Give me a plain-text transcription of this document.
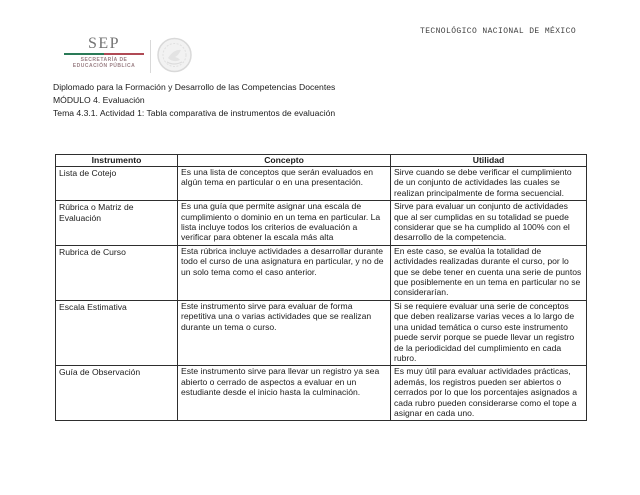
TECNOLÓGICO NACIONAL DE MÉXICO
SEP
SECRETARÍA DE
EDUCACIÓN PÚBLICA
Diplomado para la Formación y Desarrollo de las Competencias Docentes
MÓDULO 4. Evaluación
Tema 4.3.1. Actividad 1: Tabla comparativa de instrumentos de evaluación
Instrumento	Concepto	Utilidad
Lista de Cotejo	Es una lista de conceptos que serán evaluados en algún tema en particular o en una presentación.	Sirve cuando se debe verificar el cumplimiento de un conjunto de actividades las cuales se realizan principalmente de forma secuencial.
Rúbrica o Matriz de Evaluación	Es una guía que permite asignar una escala de cumplimiento o dominio en un tema en particular. La lista incluye todos los criterios de evaluación a verificar para obtener la escala más alta	Sirve para evaluar un conjunto de actividades que al ser cumplidas en su totalidad se puede considerar que se ha cumplido al 100% con el desarrollo de la competencia.
Rubrica de Curso	Esta rúbrica incluye actividades a desarrollar durante todo el curso de una asignatura en particular, y no de un solo tema como el caso anterior.	En este caso, se evalúa la totalidad de actividades realizadas durante el curso, por lo que se debe tener en cuenta una serie de puntos que posiblemente en un tema en particular no se considerarían.
Escala Estimativa	Este instrumento sirve para evaluar de forma repetitiva una o varias actividades que se realizan durante un tema o curso.	Si se requiere evaluar una serie de conceptos que deben realizarse varias veces a lo largo de una unidad temática o curso este instrumento puede servir porque se puede llevar un registro de la periodicidad del cumplimiento en cada rubro.
Guía de Observación	Este instrumento sirve para llevar un registro ya sea abierto o cerrado de aspectos a evaluar en un estudiante desde el inicio hasta la culminación.	Es muy útil para evaluar actividades prácticas, además, los registros pueden ser abiertos o cerrados por lo que los porcentajes asignados a cada rubro pueden considerarse como el tope a asignar en cada uno.
